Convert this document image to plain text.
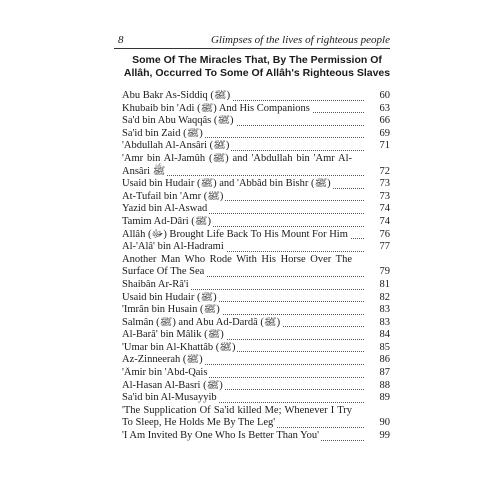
8	Glimpses of the lives of righteous people
Some Of The Miracles That, By The Permission Of
Allâh, Occurred To Some Of Allâh's Righteous Slaves
Abu Bakr As-Siddiq (ﷺ)	60
Khubaib bin 'Adi (ﷺ) And His Companions	63
Sa'd bin Abu Waqqâs (ﷺ)	66
Sa'id bin Zaid (ﷺ)	69
'Abdullah Al-Ansâri (ﷺ)	71
'Amr bin Al-Jamûh (ﷺ) and 'Abdullah bin 'Amr Al-Ansâri ﷺ	72
Usaid bin Hudair (ﷺ) and 'Abbâd bin Bishr (ﷺ)	73
At-Tufail bin 'Amr (ﷺ)	73
Yazid bin Al-Aswad	74
Tamim Ad-Dâri (ﷺ)	74
Allâh (ﷻ) Brought Life Back To His Mount For Him	76
Al-'Alâ' bin Al-Hadrami	77
Another Man Who Rode With His Horse Over The Surface Of The Sea	79
Shaibân Ar-Râ'i	81
Usaid bin Hudair (ﷺ)	82
'Imrân bin Husain (ﷺ)	83
Salmân (ﷺ) and Abu Ad-Dardâ (ﷺ)	83
Al-Barâ' bin Mâlik (ﷺ)	84
'Umar bin Al-Khattâb (ﷺ)	85
Az-Zinneerah (ﷺ)	86
'Âmir bin 'Abd-Qais	87
Al-Hasan Al-Basri (ﷺ)	88
Sa'id bin Al-Musayyib	89
'The Supplication Of Sa'id killed Me; Whenever I Try To Sleep, He Holds Me By The Leg'	90
'I Am Invited By One Who Is Better Than You'	99
